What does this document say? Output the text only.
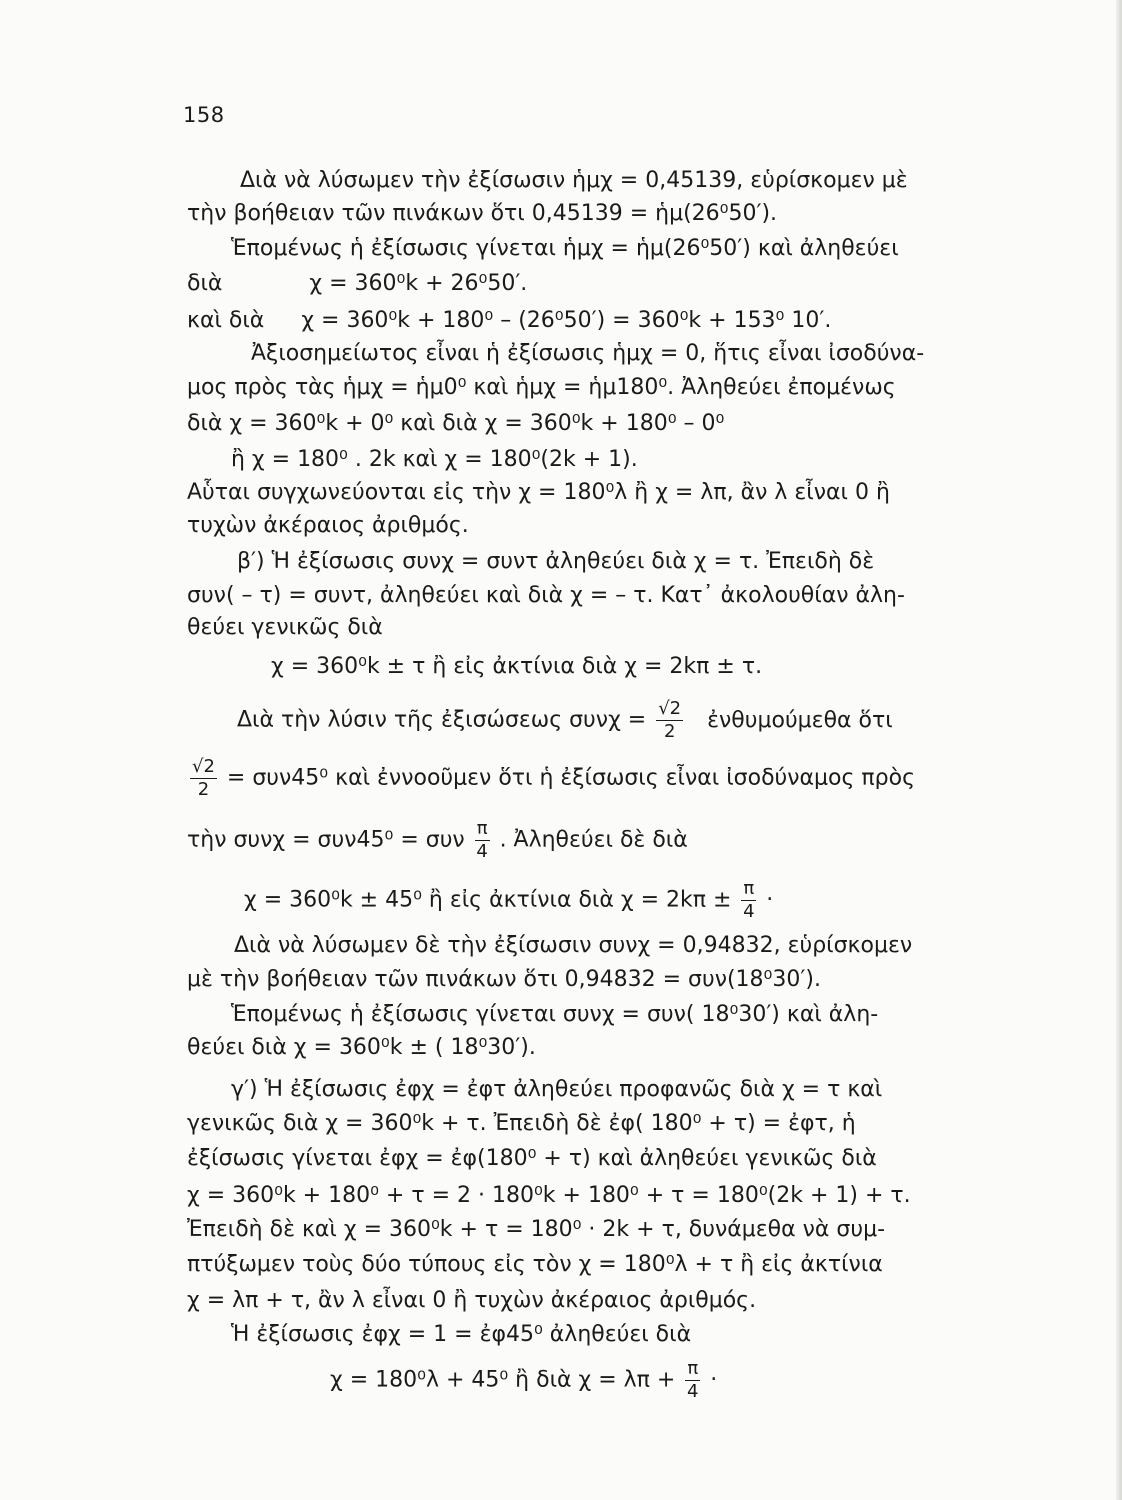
158
Διὰ νὰ λύσωμεν τὴν ἐξίσωσιν ἡμχ = 0,45139, εὑρίσκομεν μὲ
τὴν βοήθειαν τῶν πινάκων ὅτι 0,45139 = ἡμ(26⁰50′).
Ἑπομένως ἡ ἐξίσωσις γίνεται ἡμχ = ἡμ(26⁰50′) καὶ ἀληθεύει
διὰ	χ = 360⁰k + 26⁰50′.
καὶ διὰ χ = 360⁰k + 180⁰ – (26⁰50′) = 360⁰k + 153⁰ 10′.
Ἀξιοσημείωτος εἶναι ἡ ἐξίσωσις ἡμχ = 0, ἥτις εἶναι ἰσοδύνα-
μος πρὸς τὰς ἡμχ = ἡμ0⁰ καὶ ἡμχ = ἡμ180⁰. Ἀληθεύει ἐπομένως
διὰ χ = 360⁰k + 0⁰ καὶ διὰ χ = 360⁰k + 180⁰ – 0⁰
ἢ χ = 180⁰ . 2k καὶ χ = 180⁰(2k + 1).
Αὗται συγχωνεύονται εἰς τὴν χ = 180⁰λ ἢ χ = λπ, ἂν λ εἶναι 0 ἢ
τυχὼν ἀκέραιος ἀριθμός.
β′) Ἡ ἐξίσωσις συνχ = συντ ἀληθεύει διὰ χ = τ. Ἐπειδὴ δὲ
συν( – τ) = συντ, ἀληθεύει καὶ διὰ χ = – τ. Κατ᾽ ἀκολουθίαν ἀλη-
θεύει γενικῶς διὰ
χ = 360⁰k ± τ ἢ εἰς ἀκτίνια διὰ χ = 2kπ ± τ.
Διὰ τὴν λύσιν τῆς ἐξισώσεως $\sigma\upsilon\nu\chi = \frac{√2}{2}$ ἐνθυμούμεθα ὅτι
$\frac{√2}{2} = \sigma\upsilon\nu 45^0$ καὶ ἐννοοῦμεν ὅτι ἡ ἐξίσωσις εἶναι ἰσοδύναμος πρὸς
τὴν συνχ = συν45⁰ = συν $\frac{\pi}{4}$ . Ἀληθεύει δὲ διὰ
χ = 360⁰k ± 45⁰ ἢ εἰς ἀκτίνια διὰ $\chi = 2k\pi \pm \frac{\pi}{4}$ ·
Διὰ νὰ λύσωμεν δὲ τὴν ἐξίσωσιν συνχ = 0,94832, εὑρίσκομεν
μὲ τὴν βοήθειαν τῶν πινάκων ὅτι 0,94832 = συν(18⁰30′).
Ἑπομένως ἡ ἐξίσωσις γίνεται συνχ = συν( 18⁰30′) καὶ ἀλη-
θεύει διὰ χ = 360⁰k ± ( 18⁰30′).
γ′) Ἡ ἐξίσωσις ἐφχ = ἐφτ ἀληθεύει προφανῶς διὰ χ = τ καὶ
γενικῶς διὰ χ = 360⁰k + τ. Ἐπειδὴ δὲ ἐφ( 180⁰ + τ) = ἐφτ, ἡ
ἐξίσωσις γίνεται ἐφχ = ἐφ(180⁰ + τ) καὶ ἀληθεύει γενικῶς διὰ
χ = 360⁰k + 180⁰ + τ = 2 · 180⁰k + 180⁰ + τ = 180⁰(2k + 1) + τ.
Ἐπειδὴ δὲ καὶ χ = 360⁰k + τ = 180⁰ · 2k + τ, δυνάμεθα νὰ συμ-
πτύξωμεν τοὺς δύο τύπους εἰς τὸν χ = 180⁰λ + τ ἢ εἰς ἀκτίνια
χ = λπ + τ, ἂν λ εἶναι 0 ἢ τυχὼν ἀκέραιος ἀριθμός.
Ἡ ἐξίσωσις ἐφχ = 1 = ἐφ45⁰ ἀληθεύει διὰ
χ = 180⁰λ + 45⁰ ἢ διὰ $\chi = \lambda\pi + \frac{\pi}{4}$ ·
